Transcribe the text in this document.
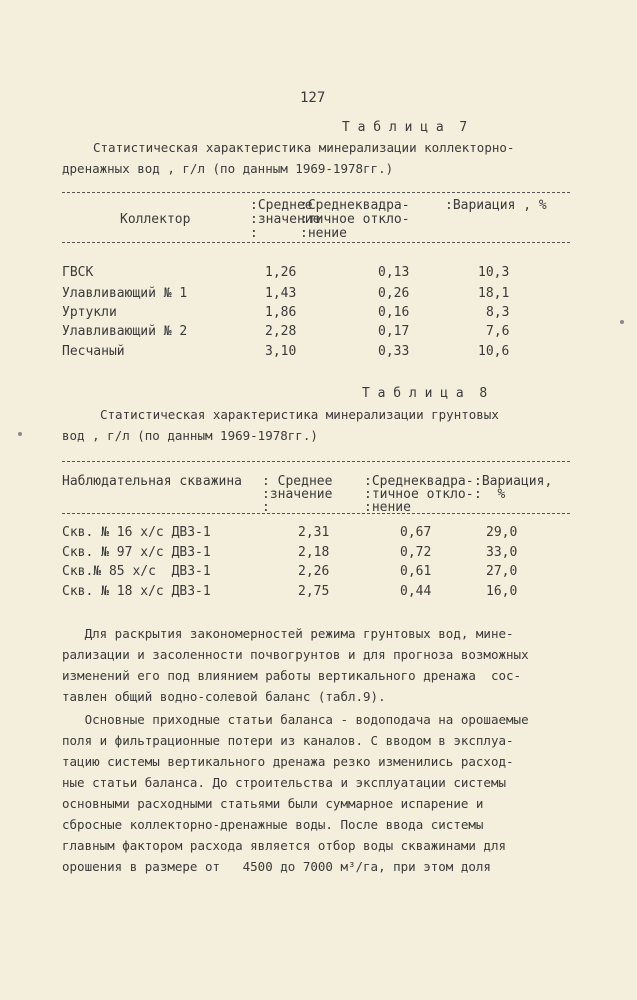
127
Т а б л и ц а  7
Статистическая характеристика минерализации коллекторно-
дренажных вод , г/л (по данным 1969-1978гг.)
Коллектор
:Среднее
:значение
:
:Среднеквадра-
:тичное откло-
:нение
:Вариация , %
ГВСК	1,26	0,13	10,3
Улавливающий № 1	1,43	0,26	18,1
Уртукли	1,86	0,16	8,3
Улавливающий № 2	2,28	0,17	7,6
Песчаный	3,10	0,33	10,6
Т а б л и ц а  8
Статистическая характеристика минерализации грунтовых
вод , г/л (по данным 1969-1978гг.)
Наблюдательная скважина : Среднее
:значение
:
:Среднеквадра-
:тичное откло-
:нение
:Вариация,
:  %
Скв. № 16 х/с ДВЗ-1	2,31	0,67	29,0
Скв. № 97 х/с ДВЗ-1	2,18	0,72	33,0
Скв.№ 85 х/с  ДВЗ-1	2,26	0,61	27,0
Скв. № 18 х/с ДВЗ-1	2,75	0,44	16,0
Для раскрытия закономерностей режима грунтовых вод, мине-
рализации и засоленности почвогрунтов и для прогноза возможных
изменений его под влиянием работы вертикального дренажа  сос-
тавлен общий водно-солевой баланс (табл.9).
Основные приходные статьи баланса - водоподача на орошаемые
поля и фильтрационные потери из каналов. С вводом в эксплуа-
тацию системы вертикального дренажа резко изменились расход-
ные статьи баланса. До строительства и эксплуатации системы
основными расходными статьями были суммарное испарение и
сбросные коллекторно-дренажные воды. После ввода системы
главным фактором расхода является отбор воды скважинами для
орошения в размере от   4500 до 7000 м³/га, при этом доля
